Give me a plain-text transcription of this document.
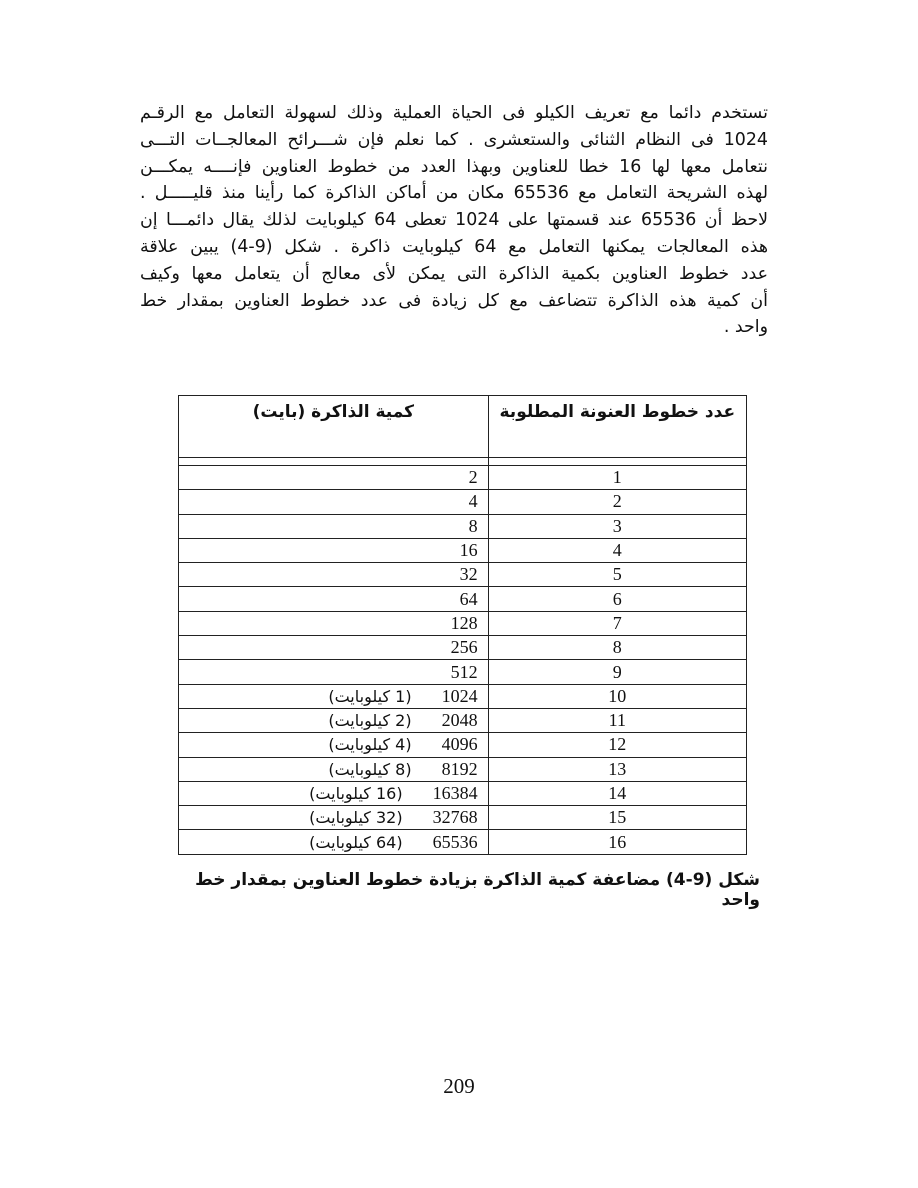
تستخدم دائما مع تعريف الكيلو فى الحياة العملية وذلك لسهولة التعامل مع الرقـم
1024 فى النظام الثنائى والستعشرى . كما نعلم فإن شـــرائح المعالجــات التـــى
نتعامل معها لها 16 خطا للعناوين وبهذا العدد من خطوط العناوين فإنــــه يمكـــن
لهذه الشريحة التعامل مع 65536 مكان من أماكن الذاكرة كما رأينا منذ قليـــــل .
لاحظ أن 65536 عند قسمتها على 1024 تعطى 64 كيلوبايت لذلك يقال دائمـــا إن
هذه المعالجات يمكنها التعامل مع 64 كيلوبايت ذاكرة . شكل (9-4) يبين علاقة
عدد خطوط العناوين بكمية الذاكرة التى يمكن لأى معالج أن يتعامل معها وكيف
أن كمية هذه الذاكرة تتضاعف مع كل زيادة فى عدد خطوط العناوين بمقدار خط
واحد .
عدد خطوط العنونة المطلوبة	كمية الذاكرة (بايت)

1	2
2	4
3	8
4	16
5	32
6	64
7	128
8	256
9	512
10	(1 كيلوبايت) 1024
11	(2 كيلوبايت) 2048
12	(4 كيلوبايت) 4096
13	(8 كيلوبايت) 8192
14	(16 كيلوبايت) 16384
15	(32 كيلوبايت) 32768
16	(64 كيلوبايت) 65536

شكل (9-4) مضاعفة كمية الذاكرة بزيادة خطوط العناوين بمقدار خط واحد

209
